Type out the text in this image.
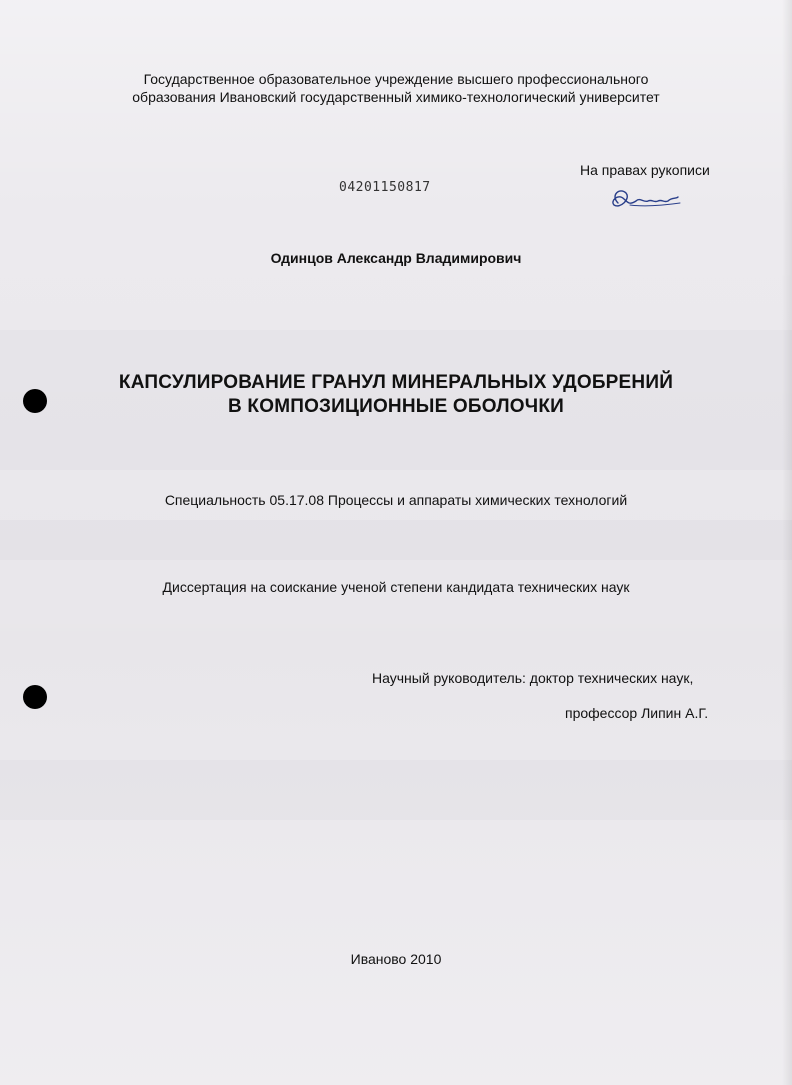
Государственное образовательное учреждение высшего профессионального
образования Ивановский государственный химико-технологический университет
На правах рукописи
04201150817
Одинцов Александр Владимирович
КАПСУЛИРОВАНИЕ ГРАНУЛ МИНЕРАЛЬНЫХ УДОБРЕНИЙ
В КОМПОЗИЦИОННЫЕ ОБОЛОЧКИ
Специальность 05.17.08 Процессы и аппараты химических технологий
Диссертация на соискание ученой степени кандидата технических наук
Научный руководитель: доктор технических наук,
профессор Липин А.Г.
Иваново 2010
